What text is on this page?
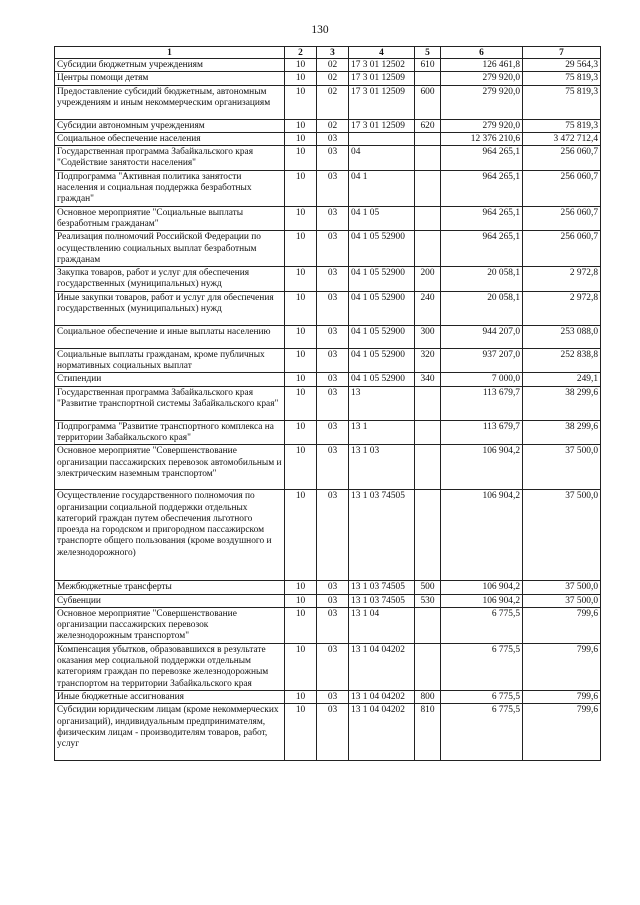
130
1	2	3	4	5	6	7
Субсидии бюджетным учреждениям	10	02	17 3 01 12502	610	126 461,8	29 564,3
Центры помощи детям	10	02	17 3 01 12509		279 920,0	75 819,3
Предоставление субсидий бюджетным, автономным учреждениям и иным некоммерческим организациям	10	02	17 3 01 12509	600	279 920,0	75 819,3
Субсидии автономным учреждениям	10	02	17 3 01 12509	620	279 920,0	75 819,3
Социальное обеспечение населения	10	03			12 376 210,6	3 472 712,4
Государственная программа Забайкальского края "Содействие занятости населения"	10	03	04		964 265,1	256 060,7
Подпрограмма "Активная политика занятости населения и социальная поддержка безработных граждан"	10	03	04 1		964 265,1	256 060,7
Основное мероприятие "Социальные выплаты безработным гражданам"	10	03	04 1 05		964 265,1	256 060,7
Реализация полномочий Российской Федерации по осуществлению социальных выплат безработным гражданам	10	03	04 1 05 52900		964 265,1	256 060,7
Закупка товаров, работ и услуг для обеспечения государственных (муниципальных) нужд	10	03	04 1 05 52900	200	20 058,1	2 972,8
Иные закупки товаров, работ и услуг для обеспечения государственных (муниципальных) нужд	10	03	04 1 05 52900	240	20 058,1	2 972,8
Социальное обеспечение и иные выплаты населению	10	03	04 1 05 52900	300	944 207,0	253 088,0
Социальные выплаты гражданам, кроме публичных нормативных социальных выплат	10	03	04 1 05 52900	320	937 207,0	252 838,8
Стипендии	10	03	04 1 05 52900	340	7 000,0	249,1
Государственная программа Забайкальского края "Развитие транспортной системы Забайкальского края"	10	03	13		113 679,7	38 299,6
Подпрограмма "Развитие транспортного комплекса на территории Забайкальского края"	10	03	13 1		113 679,7	38 299,6
Основное мероприятие "Совершенствование организации пассажирских перевозок автомобильным и электрическим наземным транспортом"	10	03	13 1 03		106 904,2	37 500,0
Осуществление государственного полномочия по организации социальной поддержки отдельных категорий граждан путем обеспечения льготного проезда на городском и пригородном пассажирском транспорте общего пользования (кроме воздушного и железнодорожного)	10	03	13 1 03 74505		106 904,2	37 500,0
Межбюджетные трансферты	10	03	13 1 03 74505	500	106 904,2	37 500,0
Субвенции	10	03	13 1 03 74505	530	106 904,2	37 500,0
Основное мероприятие "Совершенствование организации пассажирских перевозок железнодорожным транспортом"	10	03	13 1 04		6 775,5	799,6
Компенсация убытков, образовавшихся в результате оказания мер социальной поддержки отдельным категориям граждан по перевозке железнодорожным транспортом на территории Забайкальского края	10	03	13 1 04 04202		6 775,5	799,6
Иные бюджетные ассигнования	10	03	13 1 04 04202	800	6 775,5	799,6
Субсидии юридическим лицам (кроме некоммерческих организаций), индивидуальным предпринимателям, физическим лицам - производителям товаров, работ, услуг	10	03	13 1 04 04202	810	6 775,5	799,6
